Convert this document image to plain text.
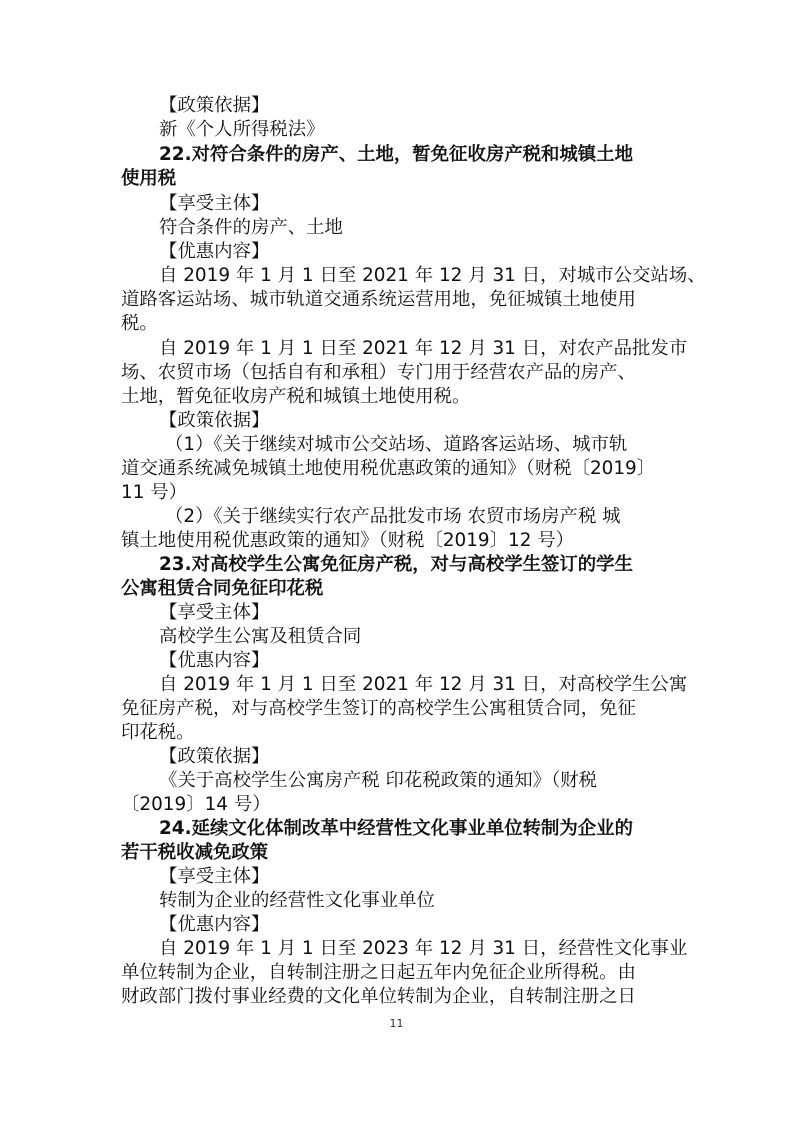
【政策依据】
新《个人所得税法》
22.对符合条件的房产、土地，暂免征收房产税和城镇土地
使用税
【享受主体】
符合条件的房产、土地
【优惠内容】
自 2019 年 1 月 1 日至 2021 年 12 月 31 日，对城市公交站场、
道路客运站场、城市轨道交通系统运营用地，免征城镇土地使用
税。
自 2019 年 1 月 1 日至 2021 年 12 月 31 日，对农产品批发市
场、农贸市场（包括自有和承租）专门用于经营农产品的房产、
土地，暂免征收房产税和城镇土地使用税。
【政策依据】
（1）《关于继续对城市公交站场、道路客运站场、城市轨
道交通系统减免城镇土地使用税优惠政策的通知》（财税〔2019〕
11 号）
（2）《关于继续实行农产品批发市场 农贸市场房产税 城
镇土地使用税优惠政策的通知》（财税〔2019〕12 号）
23.对高校学生公寓免征房产税，对与高校学生签订的学生
公寓租赁合同免征印花税
【享受主体】
高校学生公寓及租赁合同
【优惠内容】
自 2019 年 1 月 1 日至 2021 年 12 月 31 日，对高校学生公寓
免征房产税，对与高校学生签订的高校学生公寓租赁合同，免征
印花税。
【政策依据】
《关于高校学生公寓房产税 印花税政策的通知》（财税
〔2019〕14 号）
24.延续文化体制改革中经营性文化事业单位转制为企业的
若干税收减免政策
【享受主体】
转制为企业的经营性文化事业单位
【优惠内容】
自 2019 年 1 月 1 日至 2023 年 12 月 31 日，经营性文化事业
单位转制为企业，自转制注册之日起五年内免征企业所得税。由
财政部门拨付事业经费的文化单位转制为企业，自转制注册之日
11
